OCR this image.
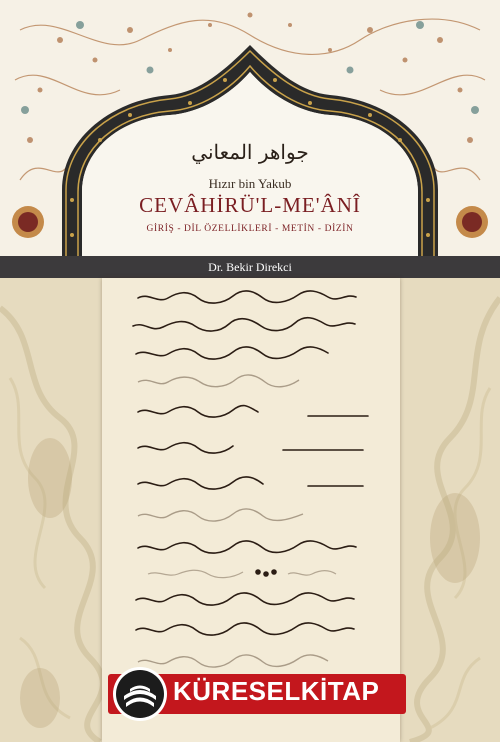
جواهر المعاني
Hızır bin Yakub
CEVÂHİRÜ'L-ME'ÂNÎ
GİRİŞ - DİL ÖZELLİKLERİ - METİN - DİZİN
Dr. Bekir Direkci
KÜRESELKİTAP
